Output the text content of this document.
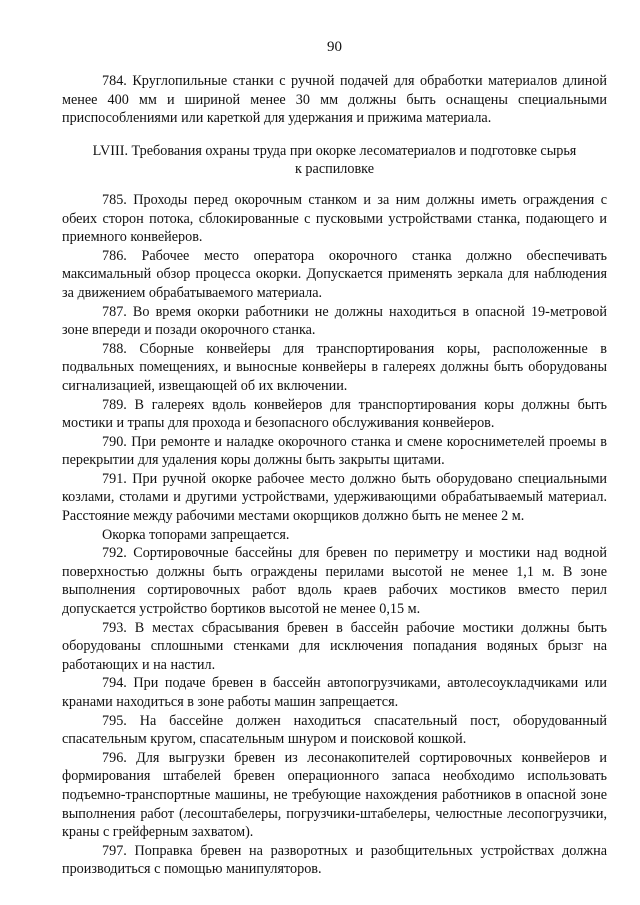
90

784. Круглопильные станки с ручной подачей для обработки материалов длиной менее 400 мм и шириной менее 30 мм должны быть оснащены специальными приспособлениями или кареткой для удержания и прижима материала.

LVIII. Требования охраны труда при окорке лесоматериалов и подготовке сырья к распиловке

785. Проходы перед окорочным станком и за ним должны иметь ограждения с обеих сторон потока, сблокированные с пусковыми устройствами станка, подающего и приемного конвейеров.

786. Рабочее место оператора окорочного станка должно обеспечивать максимальный обзор процесса окорки. Допускается применять зеркала для наблюдения за движением обрабатываемого материала.

787. Во время окорки работники не должны находиться в опасной 19-метровой зоне впереди и позади окорочного станка.

788. Сборные конвейеры для транспортирования коры, расположенные в подвальных помещениях, и выносные конвейеры в галереях должны быть оборудованы сигнализацией, извещающей об их включении.

789. В галереях вдоль конвейеров для транспортирования коры должны быть мостики и трапы для прохода и безопасного обслуживания конвейеров.

790. При ремонте и наладке окорочного станка и смене коросниметелей проемы в перекрытии для удаления коры должны быть закрыты щитами.

791. При ручной окорке рабочее место должно быть оборудовано специальными козлами, столами и другими устройствами, удерживающими обрабатываемый материал. Расстояние между рабочими местами окорщиков должно быть не менее 2 м.

Окорка топорами запрещается.

792. Сортировочные бассейны для бревен по периметру и мостики над водной поверхностью должны быть ограждены перилами высотой не менее 1,1 м. В зоне выполнения сортировочных работ вдоль краев рабочих мостиков вместо перил допускается устройство бортиков высотой не менее 0,15 м.

793. В местах сбрасывания бревен в бассейн рабочие мостики должны быть оборудованы сплошными стенками для исключения попадания водяных брызг на работающих и на настил.

794. При подаче бревен в бассейн автопогрузчиками, автолесоукладчиками или кранами находиться в зоне работы машин запрещается.

795. На бассейне должен находиться спасательный пост, оборудованный спасательным кругом, спасательным шнуром и поисковой кошкой.

796. Для выгрузки бревен из лесонакопителей сортировочных конвейеров и формирования штабелей бревен операционного запаса необходимо использовать подъемно-транспортные машины, не требующие нахождения работников в опасной зоне выполнения работ (лесоштабелеры, погрузчики-штабелеры, челюстные лесопогрузчики, краны с грейферным захватом).

797. Поправка бревен на разворотных и разобщительных устройствах должна производиться с помощью манипуляторов.
